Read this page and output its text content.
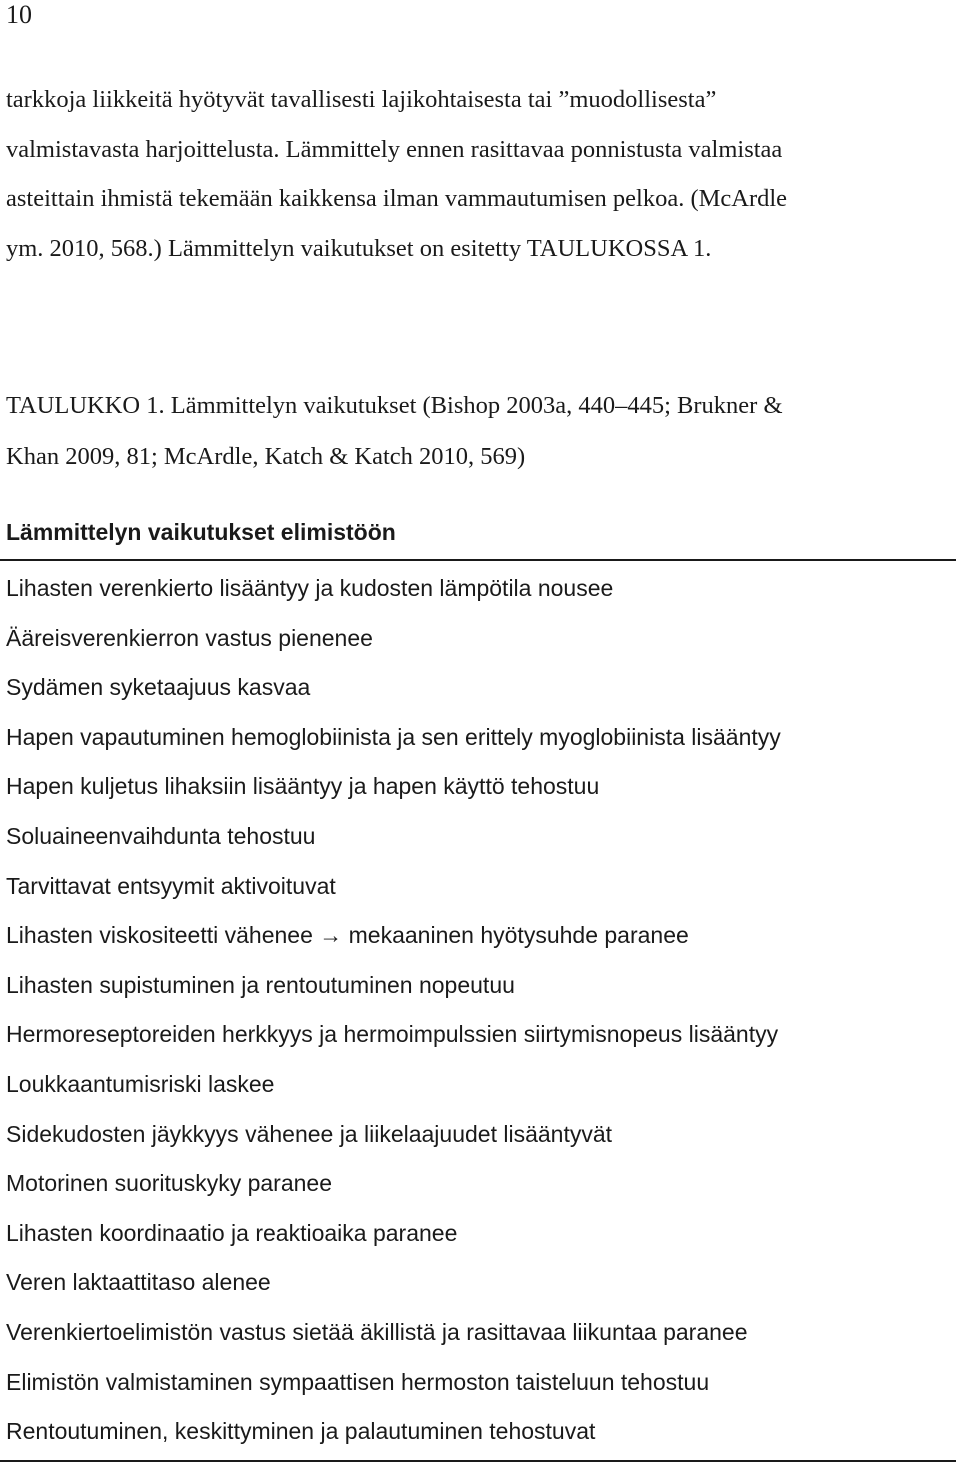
10

tarkkoja liikkeitä hyötyvät tavallisesti lajikohtaisesta tai ”muodollisesta”
valmistavasta harjoittelusta. Lämmittely ennen rasittavaa ponnistusta valmistaa
asteittain ihmistä tekemään kaikkensa ilman vammautumisen pelkoa. (McArdle
ym. 2010, 568.) Lämmittelyn vaikutukset on esitetty TAULUKOSSA 1.

TAULUKKO 1. Lämmittelyn vaikutukset (Bishop 2003a, 440–445; Brukner &
Khan 2009, 81; McArdle, Katch & Katch 2010, 569)

Lämmittelyn vaikutukset elimistöön
Lihasten verenkierto lisääntyy ja kudosten lämpötila nousee
Ääreisverenkierron vastus pienenee
Sydämen syketaajuus kasvaa
Hapen vapautuminen hemoglobiinista ja sen erittely myoglobiinista lisääntyy
Hapen kuljetus lihaksiin lisääntyy ja hapen käyttö tehostuu
Soluaineenvaihdunta tehostuu
Tarvittavat entsyymit aktivoituvat
Lihasten viskositeetti vähenee → mekaaninen hyötysuhde paranee
Lihasten supistuminen ja rentoutuminen nopeutuu
Hermoreseptoreiden herkkyys ja hermoimpulssien siirtymisnopeus lisääntyy
Loukkaantumisriski laskee
Sidekudosten jäykkyys vähenee ja liikelaajuudet lisääntyvät
Motorinen suorituskyky paranee
Lihasten koordinaatio ja reaktioaika paranee
Veren laktaattitaso alenee
Verenkiertoelimistön vastus sietää äkillistä ja rasittavaa liikuntaa paranee
Elimistön valmistaminen sympaattisen hermoston taisteluun tehostuu
Rentoutuminen, keskittyminen ja palautuminen tehostuvat
